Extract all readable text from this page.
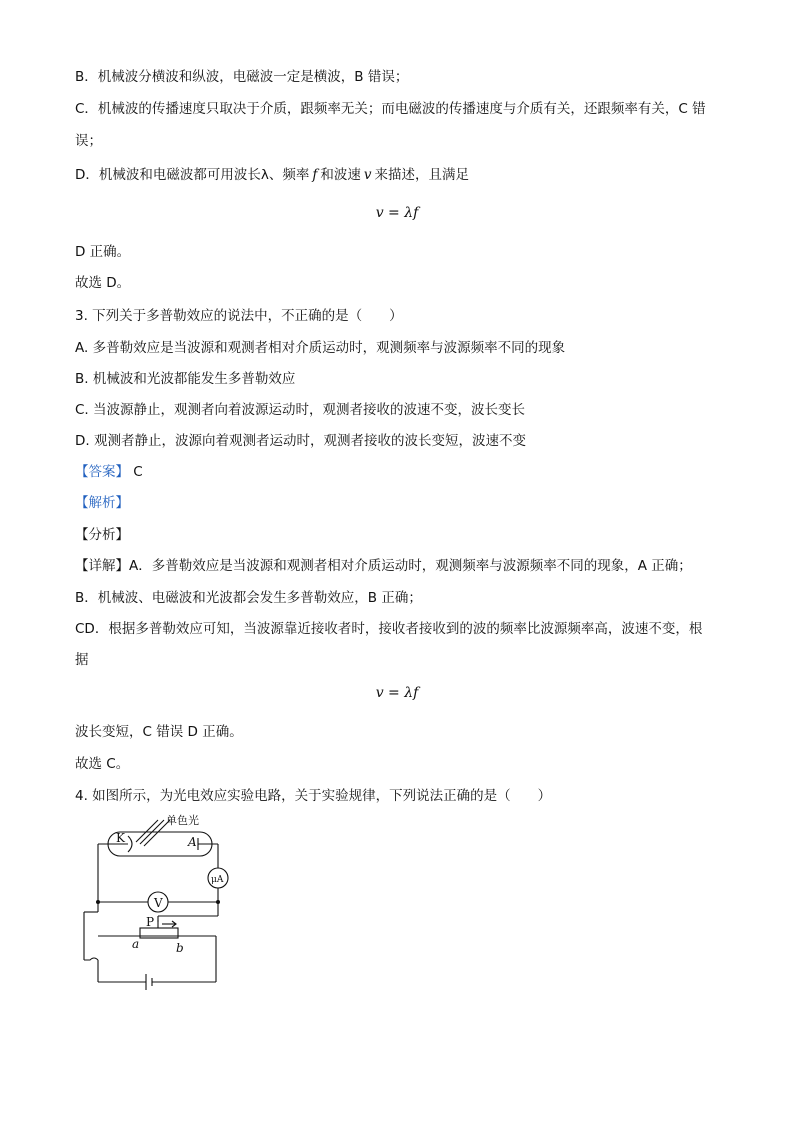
B．机械波分横波和纵波，电磁波一定是横波，B 错误；
C．机械波的传播速度只取决于介质，跟频率无关；而电磁波的传播速度与介质有关，还跟频率有关，C 错
误；
D．机械波和电磁波都可用波长λ、频率 f 和波速 v 来描述，且满足
v = λf
D 正确。
故选 D。
3. 下列关于多普勒效应的说法中，不正确的是（　　）
A. 多普勒效应是当波源和观测者相对介质运动时，观测频率与波源频率不同的现象
B. 机械波和光波都能发生多普勒效应
C. 当波源静止，观测者向着波源运动时，观测者接收的波速不变，波长变长
D. 观测者静止，波源向着观测者运动时，观测者接收的波长变短，波速不变
【答案】 C
【解析】
【分析】
【详解】A．多普勒效应是当波源和观测者相对介质运动时，观测频率与波源频率不同的现象，A 正确；
B．机械波、电磁波和光波都会发生多普勒效应，B 正确；
CD．根据多普勒效应可知，当波源靠近接收者时，接收者接收到的波的频率比波源频率高，波速不变，根
据
v = λf
波长变短，C 错误 D 正确。
故选 C。
4. 如图所示，为光电效应实验电路，关于实验规律，下列说法正确的是（　　）
单色光
K	A
μA
V
P
a	b
